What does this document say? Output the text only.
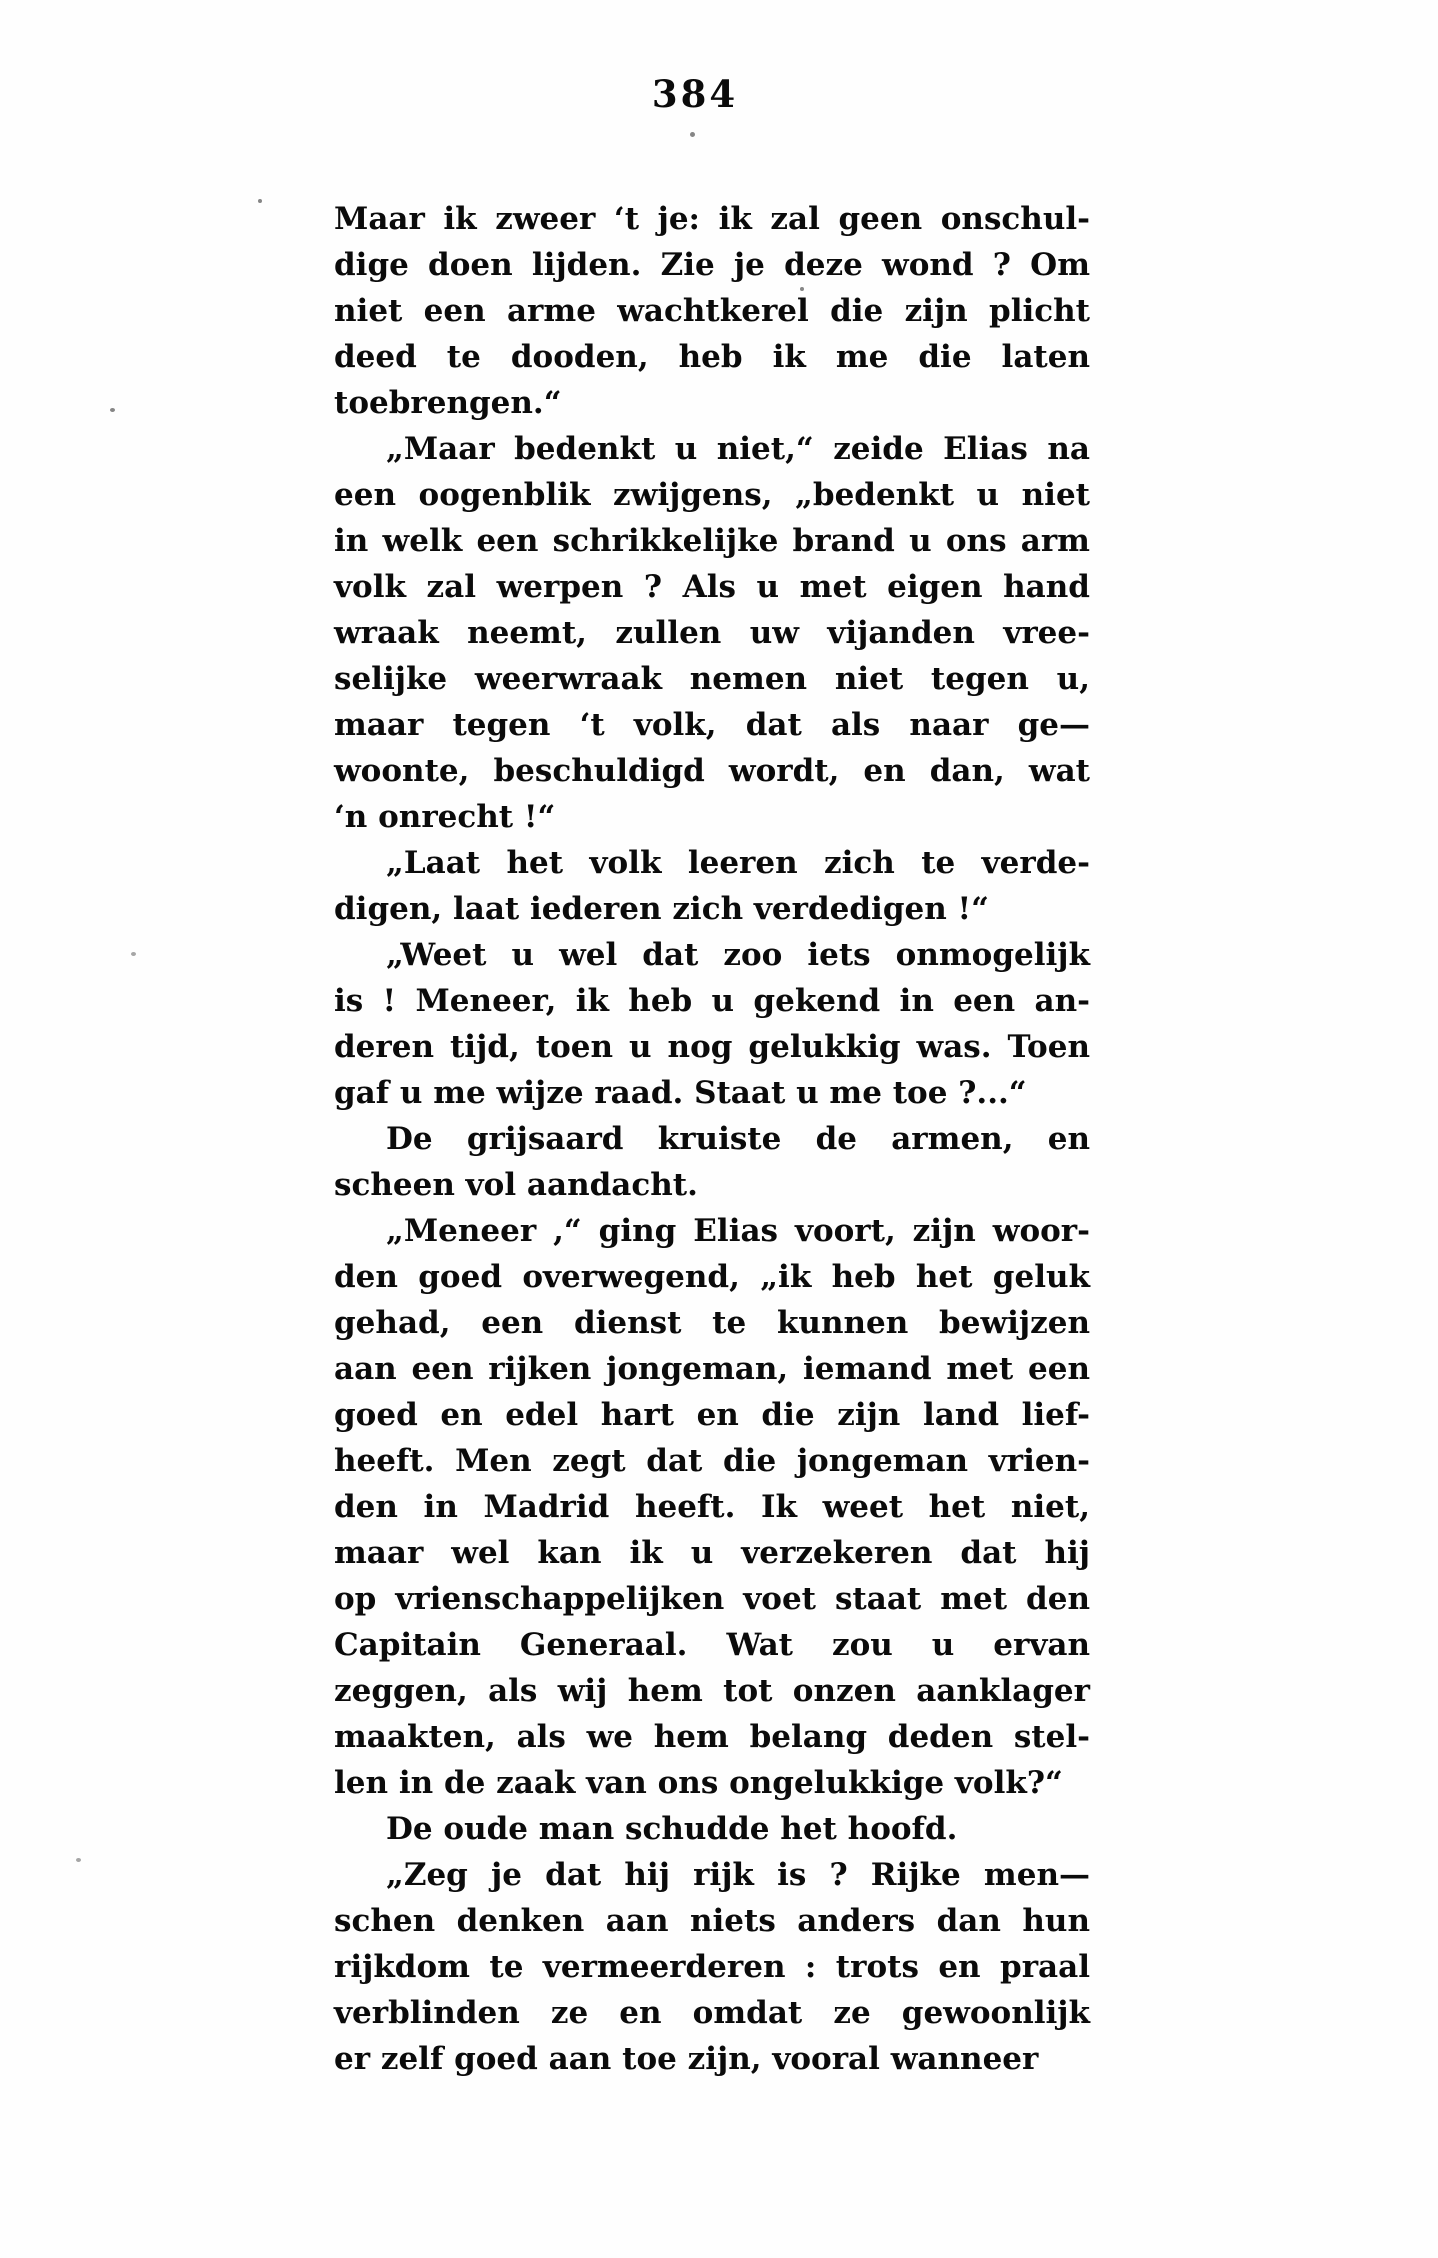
384
Maar ik zweer ‘t je: ik zal geen onschul-
dige doen lijden. Zie je deze wond ? Om
niet een arme wachtkerel die zijn plicht
deed te dooden, heb ik me die laten
toebrengen.“
„Maar bedenkt u niet,“ zeide Elias na
een oogenblik zwijgens, „bedenkt u niet
in welk een schrikkelijke brand u ons arm
volk zal werpen ? Als u met eigen hand
wraak neemt, zullen uw vijanden vree-
selijke weerwraak nemen niet tegen u,
maar tegen ‘t volk, dat als naar ge—
woonte, beschuldigd wordt, en dan, wat
‘n onrecht !“
„Laat het volk leeren zich te verde-
digen, laat iederen zich verdedigen !“
„Weet u wel dat zoo iets onmogelijk
is ! Meneer, ik heb u gekend in een an-
deren tijd, toen u nog gelukkig was. Toen
gaf u me wijze raad. Staat u me toe ?...“
De grijsaard kruiste de armen, en
scheen vol aandacht.
„Meneer ,“ ging Elias voort, zijn woor-
den goed overwegend, „ik heb het geluk
gehad, een dienst te kunnen bewijzen
aan een rijken jongeman, iemand met een
goed en edel hart en die zijn land lief-
heeft. Men zegt dat die jongeman vrien-
den in Madrid heeft. Ik weet het niet,
maar wel kan ik u verzekeren dat hij
op vrienschappelijken voet staat met den
Capitain Generaal. Wat zou u ervan
zeggen, als wij hem tot onzen aanklager
maakten, als we hem belang deden stel-
len in de zaak van ons ongelukkige volk?“
De oude man schudde het hoofd.
„Zeg je dat hij rijk is ? Rijke men—
schen denken aan niets anders dan hun
rijkdom te vermeerderen : trots en praal
verblinden ze en omdat ze gewoonlijk
er zelf goed aan toe zijn, vooral wanneer
